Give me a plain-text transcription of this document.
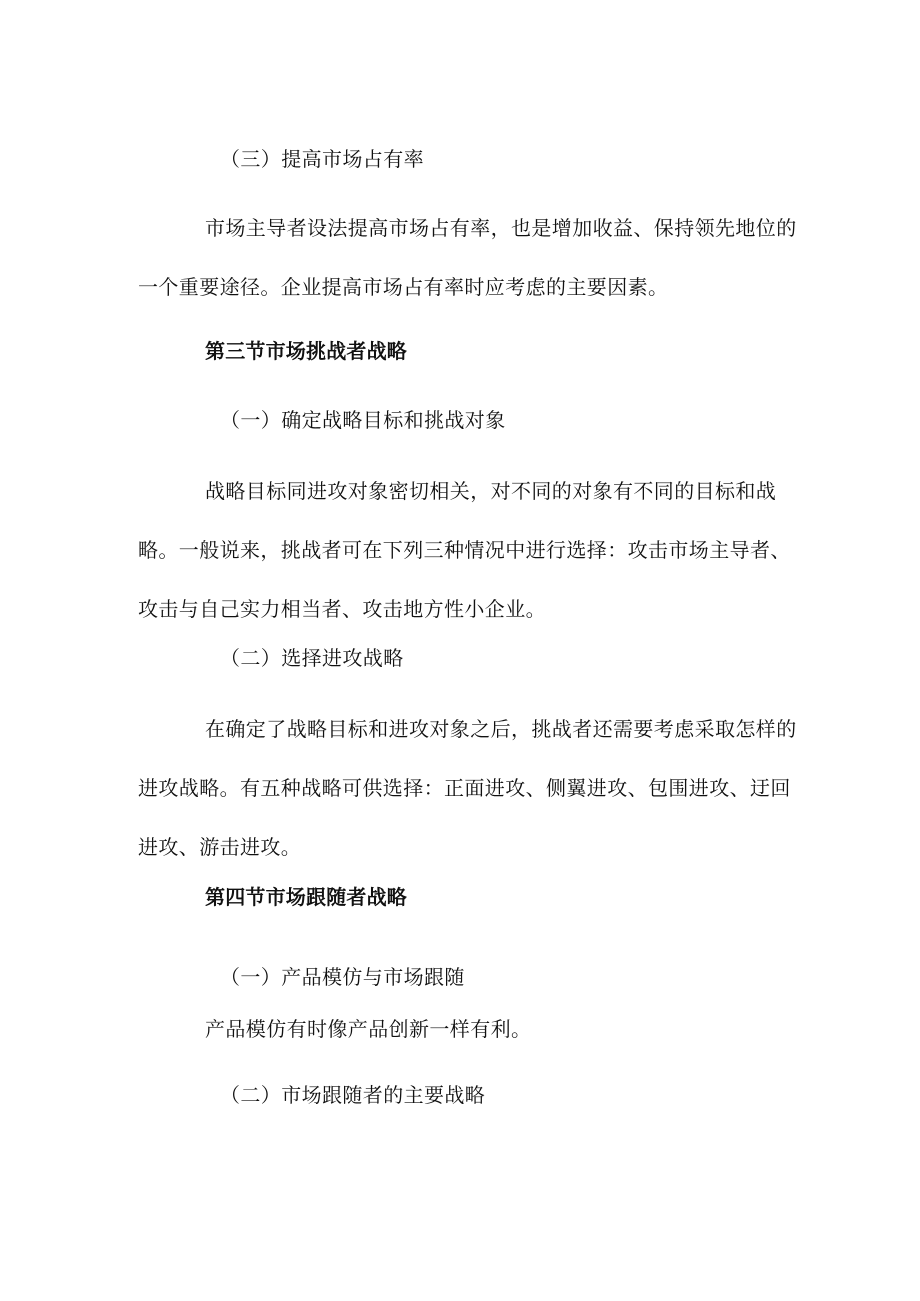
（三）提高市场占有率
市场主导者设法提高市场占有率，也是增加收益、保持领先地位的
一个重要途径。企业提高市场占有率时应考虑的主要因素。
第三节市场挑战者战略
（一）确定战略目标和挑战对象
战略目标同进攻对象密切相关，对不同的对象有不同的目标和战
略。一般说来，挑战者可在下列三种情况中进行选择：攻击市场主导者、
攻击与自己实力相当者、攻击地方性小企业。
（二）选择进攻战略
在确定了战略目标和进攻对象之后，挑战者还需要考虑采取怎样的
进攻战略。有五种战略可供选择：正面进攻、侧翼进攻、包围进攻、迂回
进攻、游击进攻。
第四节市场跟随者战略
（一）产品模仿与市场跟随
产品模仿有时像产品创新一样有利。
（二）市场跟随者的主要战略
